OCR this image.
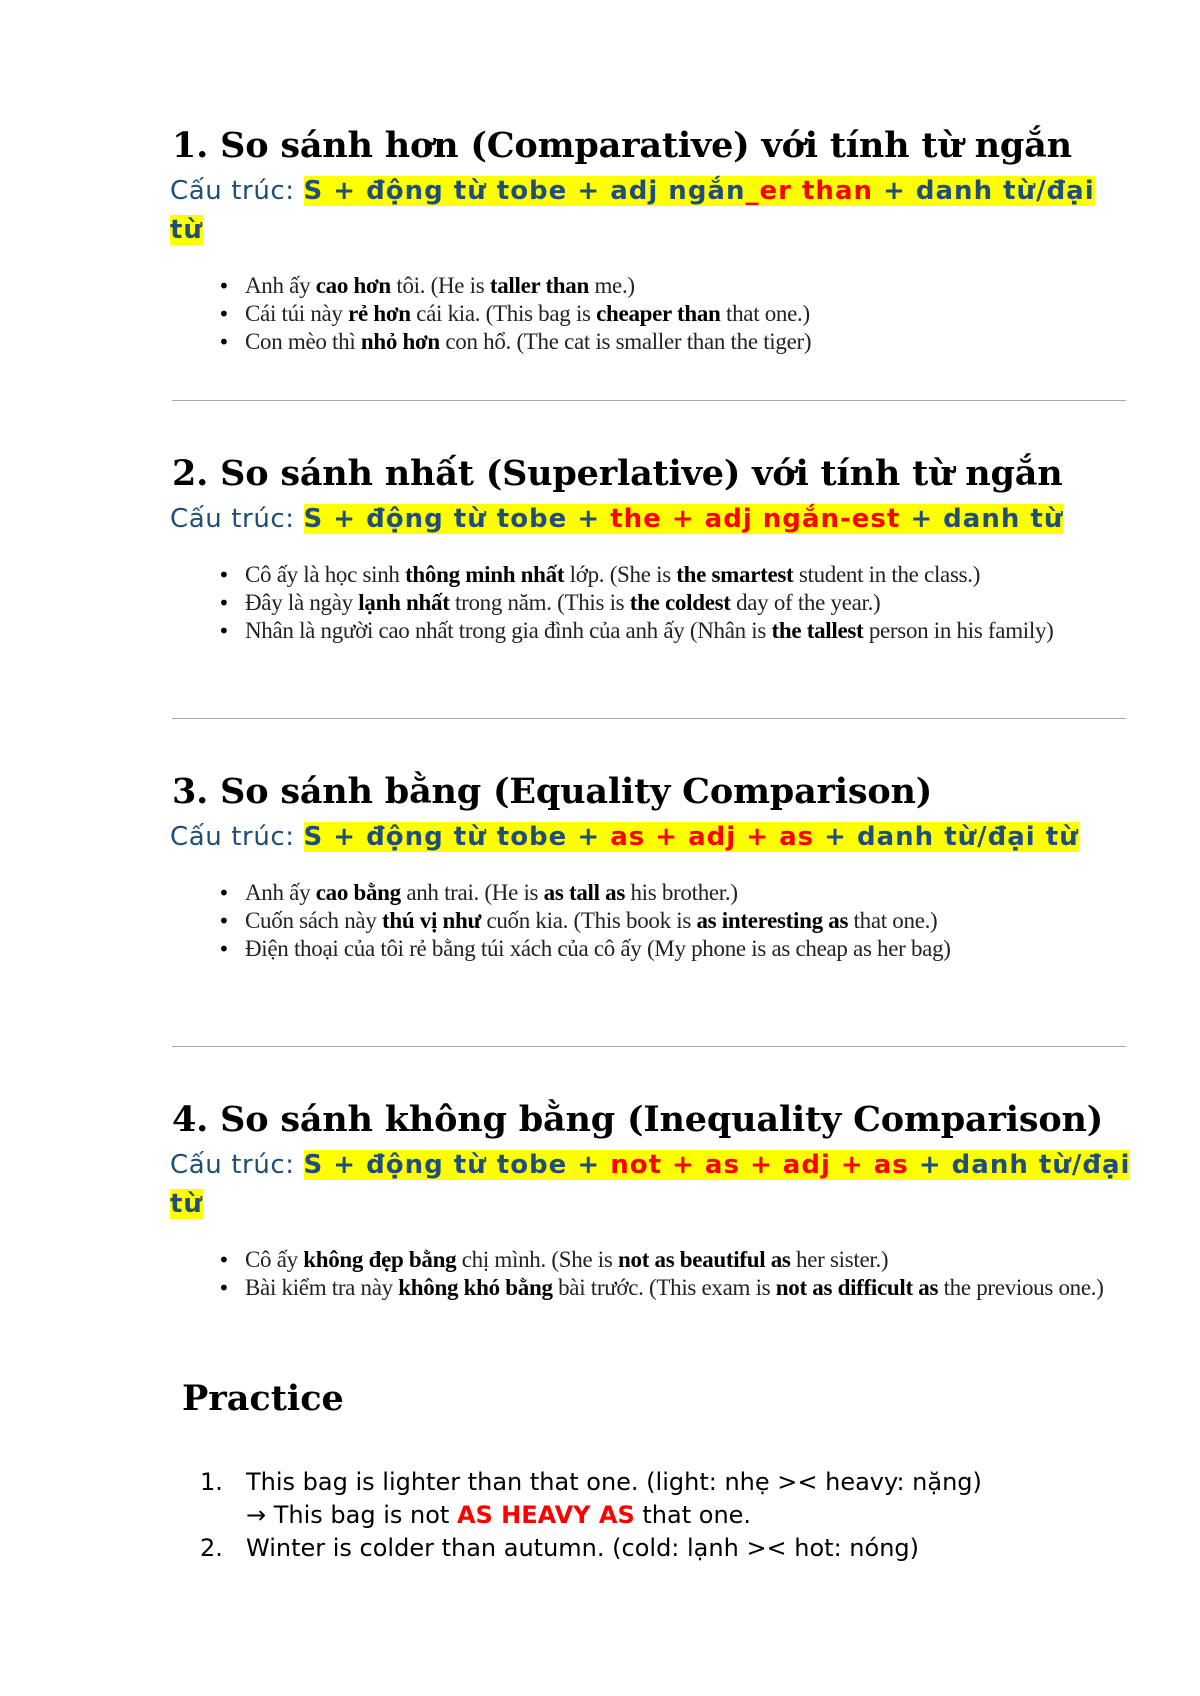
1. So sánh hơn (Comparative) với tính từ ngắn
Cấu trúc: S + động từ tobe + adj ngắn_er than + danh từ/đại từ
• Anh ấy cao hơn tôi. (He is taller than me.)
• Cái túi này rẻ hơn cái kia. (This bag is cheaper than that one.)
• Con mèo thì nhỏ hơn con hổ. (The cat is smaller than the tiger)
2. So sánh nhất (Superlative) với tính từ ngắn
Cấu trúc: S + động từ tobe + the + adj ngắn-est + danh từ
• Cô ấy là học sinh thông minh nhất lớp. (She is the smartest student in the class.)
• Đây là ngày lạnh nhất trong năm. (This is the coldest day of the year.)
• Nhân là người cao nhất trong gia đình của anh ấy (Nhân is the tallest person in his family)
3. So sánh bằng (Equality Comparison)
Cấu trúc: S + động từ tobe + as + adj + as + danh từ/đại từ
• Anh ấy cao bằng anh trai. (He is as tall as his brother.)
• Cuốn sách này thú vị như cuốn kia. (This book is as interesting as that one.)
• Điện thoại của tôi rẻ bằng túi xách của cô ấy (My phone is as cheap as her bag)
4. So sánh không bằng (Inequality Comparison)
Cấu trúc: S + động từ tobe + not + as + adj + as + danh từ/đại từ
• Cô ấy không đẹp bằng chị mình. (She is not as beautiful as her sister.)
• Bài kiểm tra này không khó bằng bài trước. (This exam is not as difficult as the previous one.)
Practice
1. This bag is lighter than that one. (light: nhẹ >< heavy: nặng)
→ This bag is not AS HEAVY AS that one.
2. Winter is colder than autumn. (cold: lạnh >< hot: nóng)
